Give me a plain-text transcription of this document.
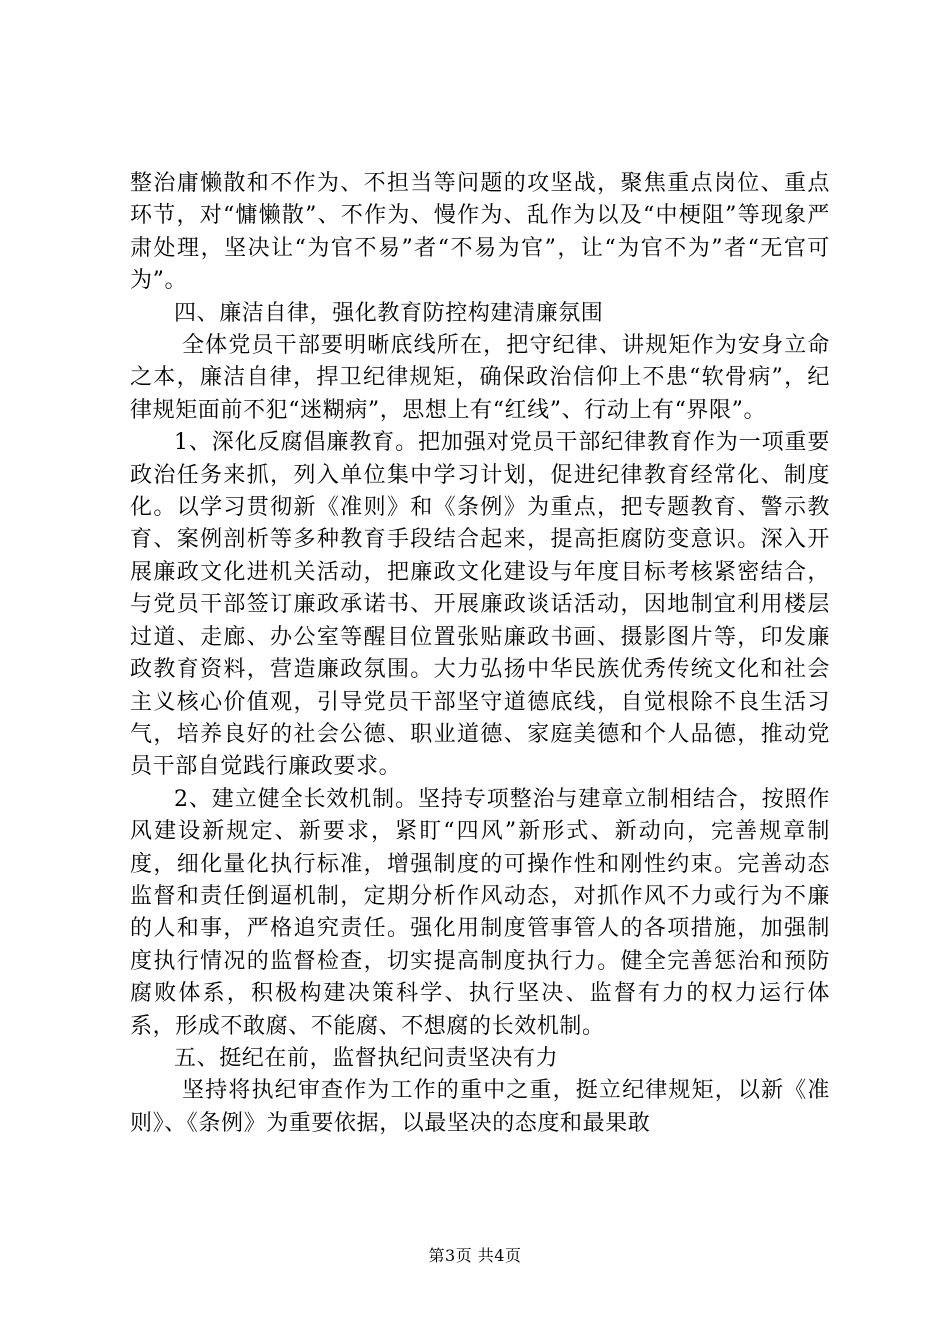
整治庸懒散和不作为、不担当等问题的攻坚战，聚焦重点岗位、重点环节，对“慵懒散”、不作为、慢作为、乱作为以及“中梗阻”等现象严肃处理，坚决让“为官不易”者“不易为官”，让“为官不为”者“无官可为”。

四、廉洁自律，强化教育防控构建清廉氛围

全体党员干部要明晰底线所在，把守纪律、讲规矩作为安身立命之本，廉洁自律，捍卫纪律规矩，确保政治信仰上不患“软骨病”，纪律规矩面前不犯“迷糊病”，思想上有“红线”、行动上有“界限”。

1、深化反腐倡廉教育。把加强对党员干部纪律教育作为一项重要政治任务来抓，列入单位集中学习计划，促进纪律教育经常化、制度化。以学习贯彻新《准则》和《条例》为重点，把专题教育、警示教育、案例剖析等多种教育手段结合起来，提高拒腐防变意识。深入开展廉政文化进机关活动，把廉政文化建设与年度目标考核紧密结合，与党员干部签订廉政承诺书、开展廉政谈话活动，因地制宜利用楼层过道、走廊、办公室等醒目位置张贴廉政书画、摄影图片等，印发廉政教育资料，营造廉政氛围。大力弘扬中华民族优秀传统文化和社会主义核心价值观，引导党员干部坚守道德底线，自觉根除不良生活习气，培养良好的社会公德、职业道德、家庭美德和个人品德，推动党员干部自觉践行廉政要求。

2、建立健全长效机制。坚持专项整治与建章立制相结合，按照作风建设新规定、新要求，紧盯“四风”新形式、新动向，完善规章制度，细化量化执行标准，增强制度的可操作性和刚性约束。完善动态监督和责任倒逼机制，定期分析作风动态，对抓作风不力或行为不廉的人和事，严格追究责任。强化用制度管事管人的各项措施，加强制度执行情况的监督检查，切实提高制度执行力。健全完善惩治和预防腐败体系，积极构建决策科学、执行坚决、监督有力的权力运行体系，形成不敢腐、不能腐、不想腐的长效机制。

五、挺纪在前，监督执纪问责坚决有力

坚持将执纪审查作为工作的重中之重，挺立纪律规矩，以新《准则》、《条例》为重要依据，以最坚决的态度和最果敢

第3页 共4页
